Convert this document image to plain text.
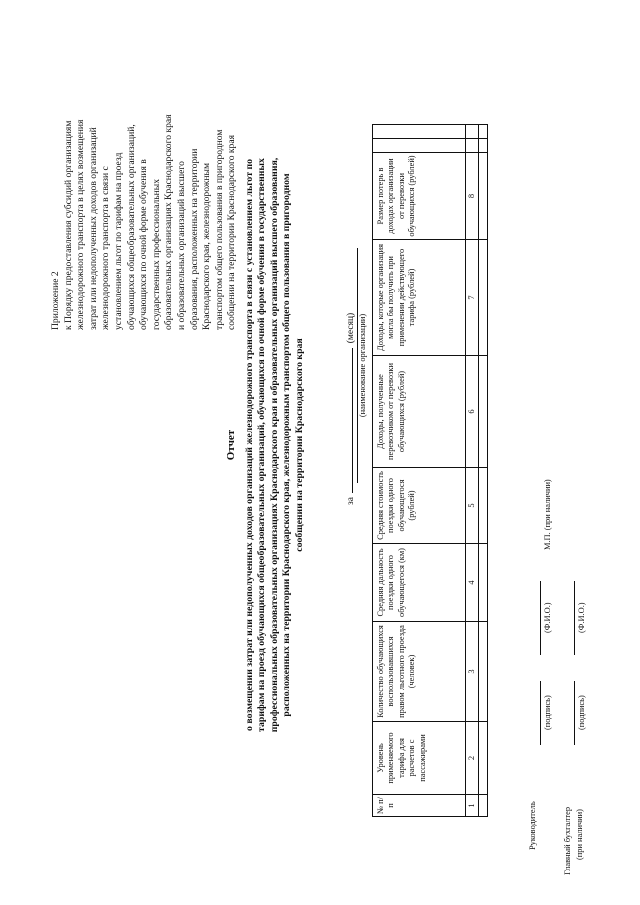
Приложение 2 к Порядку предоставления субсидий организациям железнодорожного транспорта в целях возмещения затрат или недополученных доходов организаций железнодорожного транспорта в связи с установлением льгот по тарифам на проезд обучающихся общеобразовательных организаций, обучающихся по очной форме обучения в государственных профессиональных образовательных организациях Краснодарского края и образовательных организаций высшего образования, расположенных на территории Краснодарского края, железнодорожным транспортом общего пользования в пригородном сообщении на территории Краснодарского края
Отчет о возмещении затрат или недополученных доходов организаций железнодорожного транспорта в связи с установлением льгот по тарифам на проезд обучающихся общеобразовательных организаций, обучающихся по очной форме обучения в государственных профессиональных образовательных организациях Краснодарского края и образовательных организаций высшего образования, расположенных на территории Краснодарского края, железнодорожным транспортом общего пользования в пригородном сообщении на территории Краснодарского края	за  (месяц) (наименование организации)
№ п/п	Уровень применяемого тарифа для расчетов с пассажирами	Количество обучающихся воспользовавшихся правом льготного проезда (человек)	Средняя дальность поездки одного обучающегося (км)	Средняя стоимость поездки одного обучающегося (рублей)	Доходы, полученные перевозчиком от перевозки обучающихся (рублей)	Доходы, которые организация могла бы получить при применении действующего тарифа (рублей)	Размер потерь в доходах организации от перевозки обучающихся (рублей)		
1	2	3	4	5	6	7	8		

Руководитель
(подпись)
(Ф.И.О.)
М.П. (при наличии)
Главный бухгалтер (при наличии)
(подпись)
(Ф.И.О.)
